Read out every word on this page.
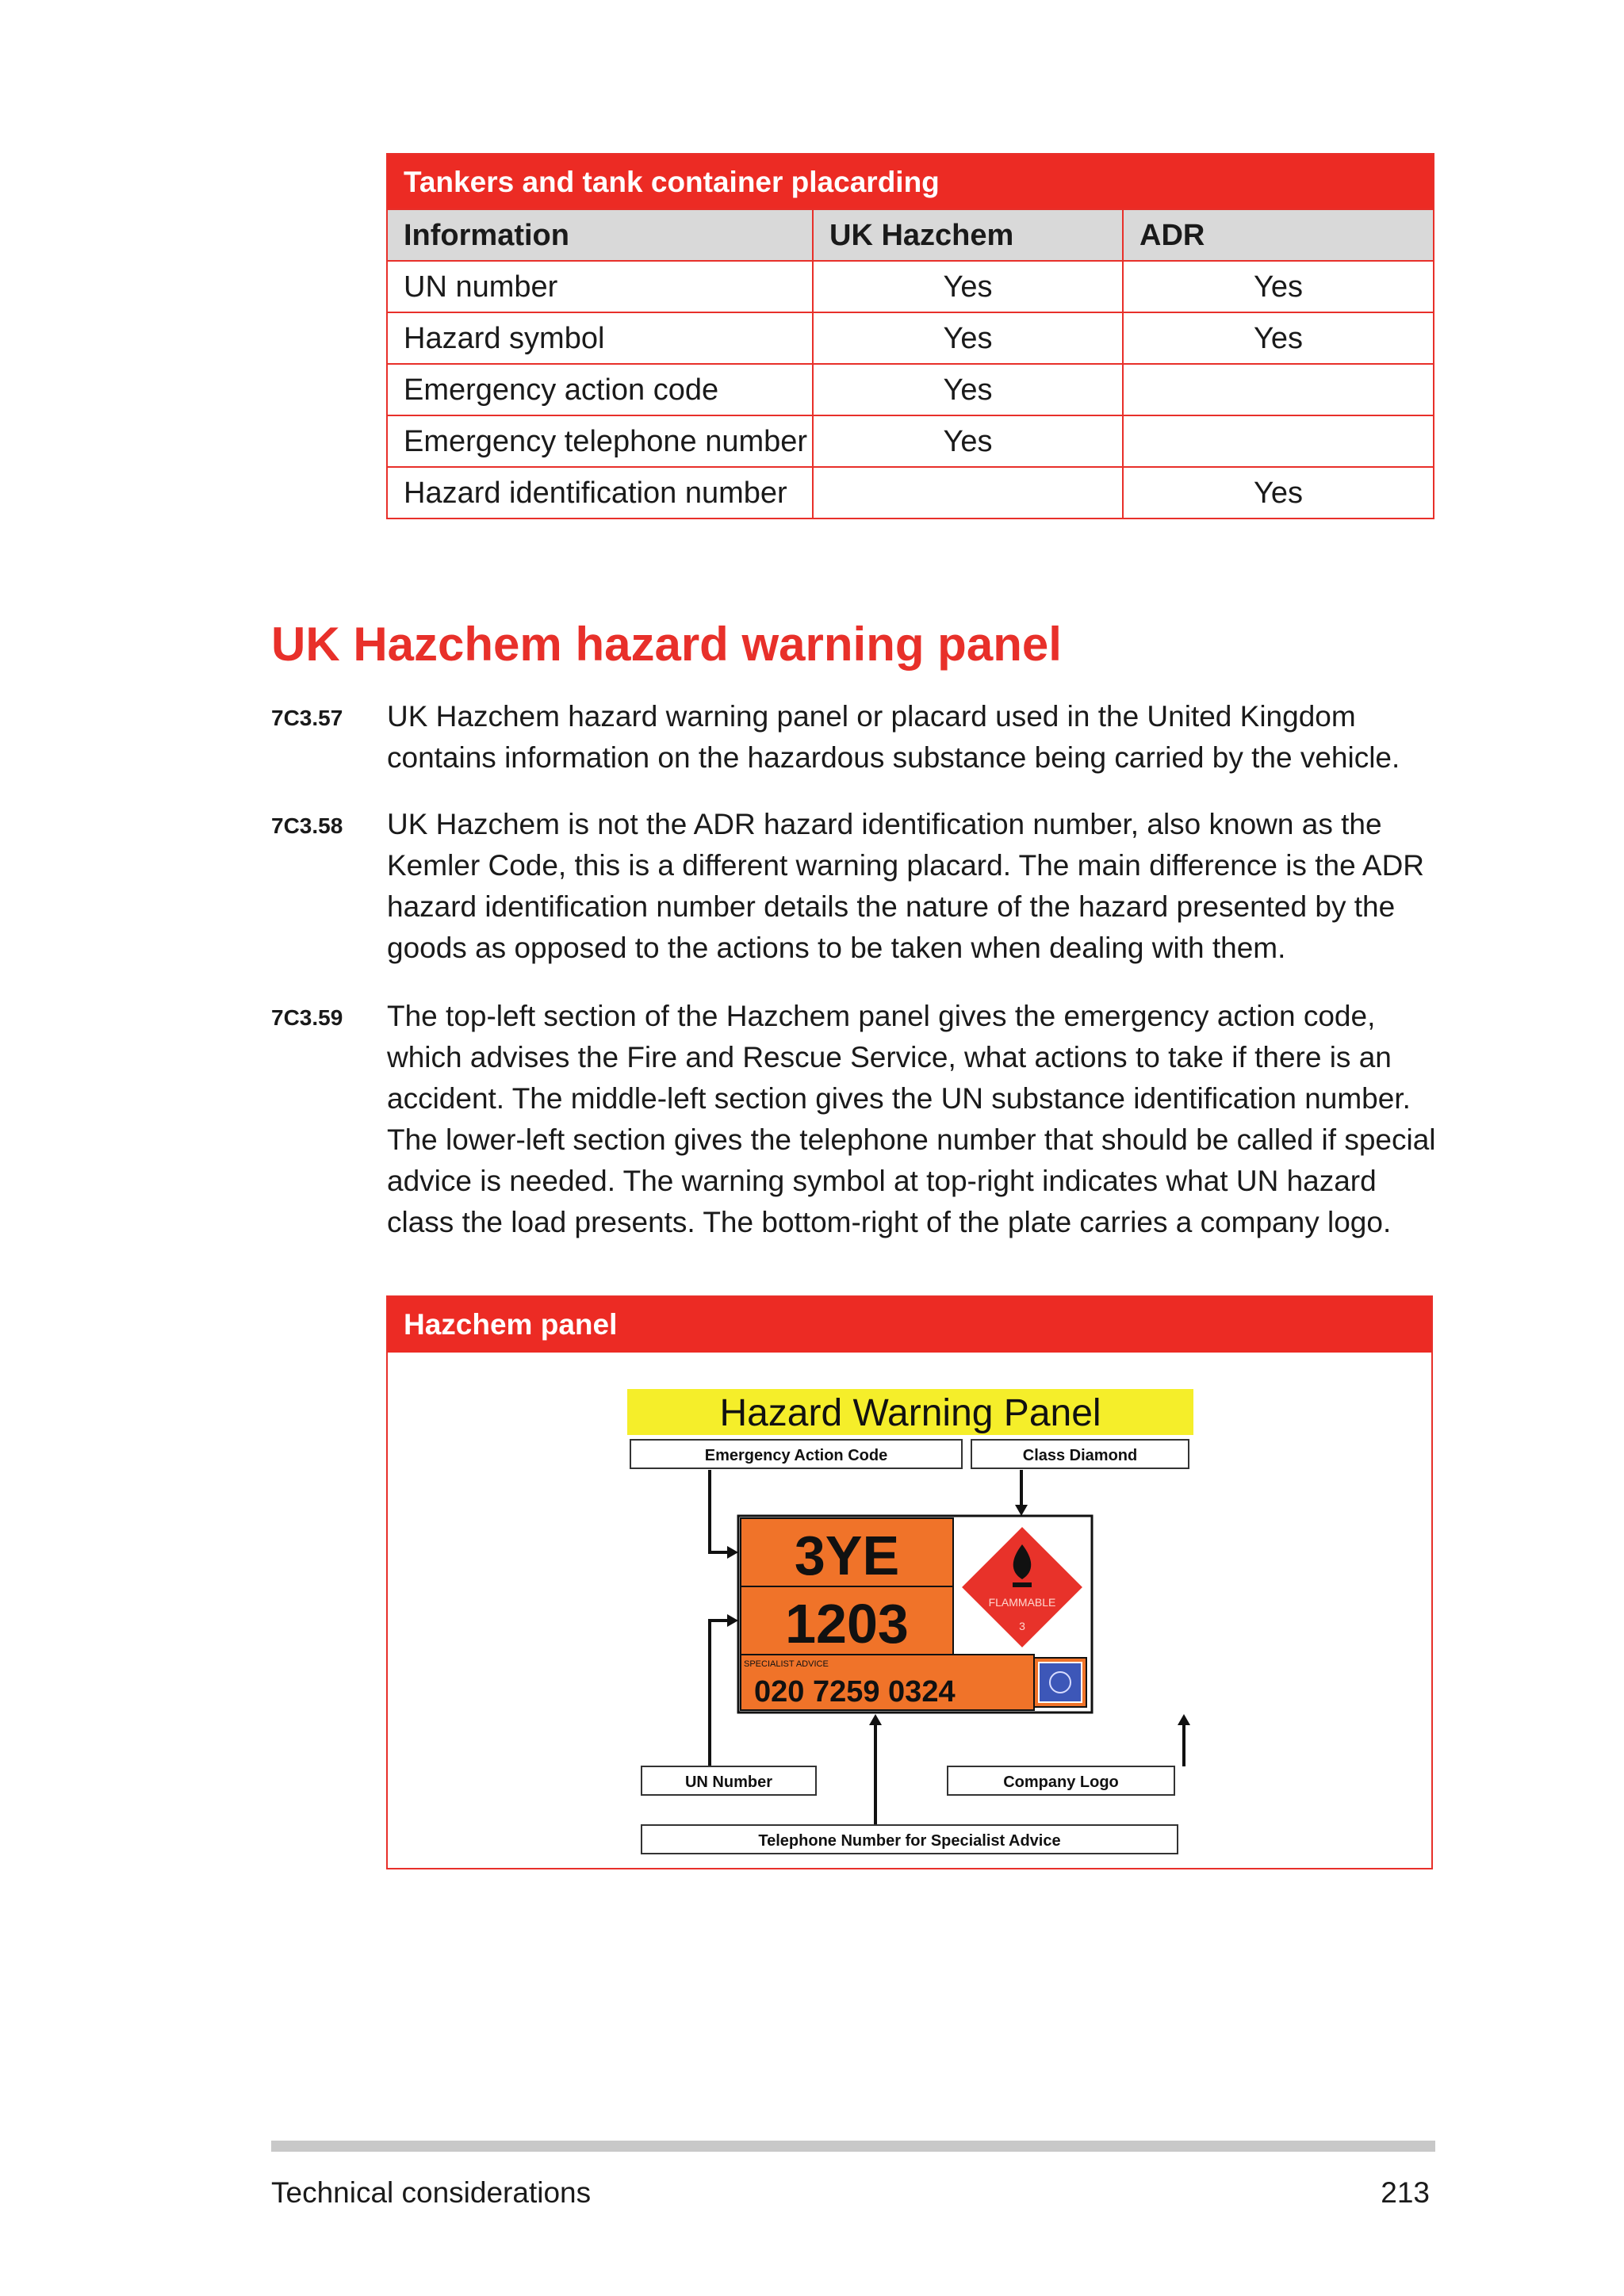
Tankers and tank container placarding		
Information	UK Hazchem	ADR
UN number	Yes	Yes
Hazard symbol	Yes	Yes
Emergency action code	Yes	
Emergency telephone number	Yes	
Hazard identification number		Yes
UK Hazchem hazard warning panel
7C3.57 UK Hazchem hazard warning panel or placard used in the United Kingdom contains information on the hazardous substance being carried by the vehicle.
7C3.58 UK Hazchem is not the ADR hazard identification number, also known as the Kemler Code, this is a different warning placard. The main difference is the ADR hazard identification number details the nature of the hazard presented by the goods as opposed to the actions to be taken when dealing with them.
7C3.59 The top-left section of the Hazchem panel gives the emergency action code, which advises the Fire and Rescue Service, what actions to take if there is an accident. The middle-left section gives the UN substance identification number. The lower-left section gives the telephone number that should be called if special advice is needed. The warning symbol at top-right indicates what UN hazard class the load presents. The bottom-right of the plate carries a company logo.
Hazchem panel
Hazard Warning Panel
Emergency Action Code	Class Diamond
3YE
1203
SPECIALIST ADVICE
020 7259 0324
FLAMMABLE
3
UN Number	Company Logo
Telephone Number for Specialist Advice
Technical considerations	213
